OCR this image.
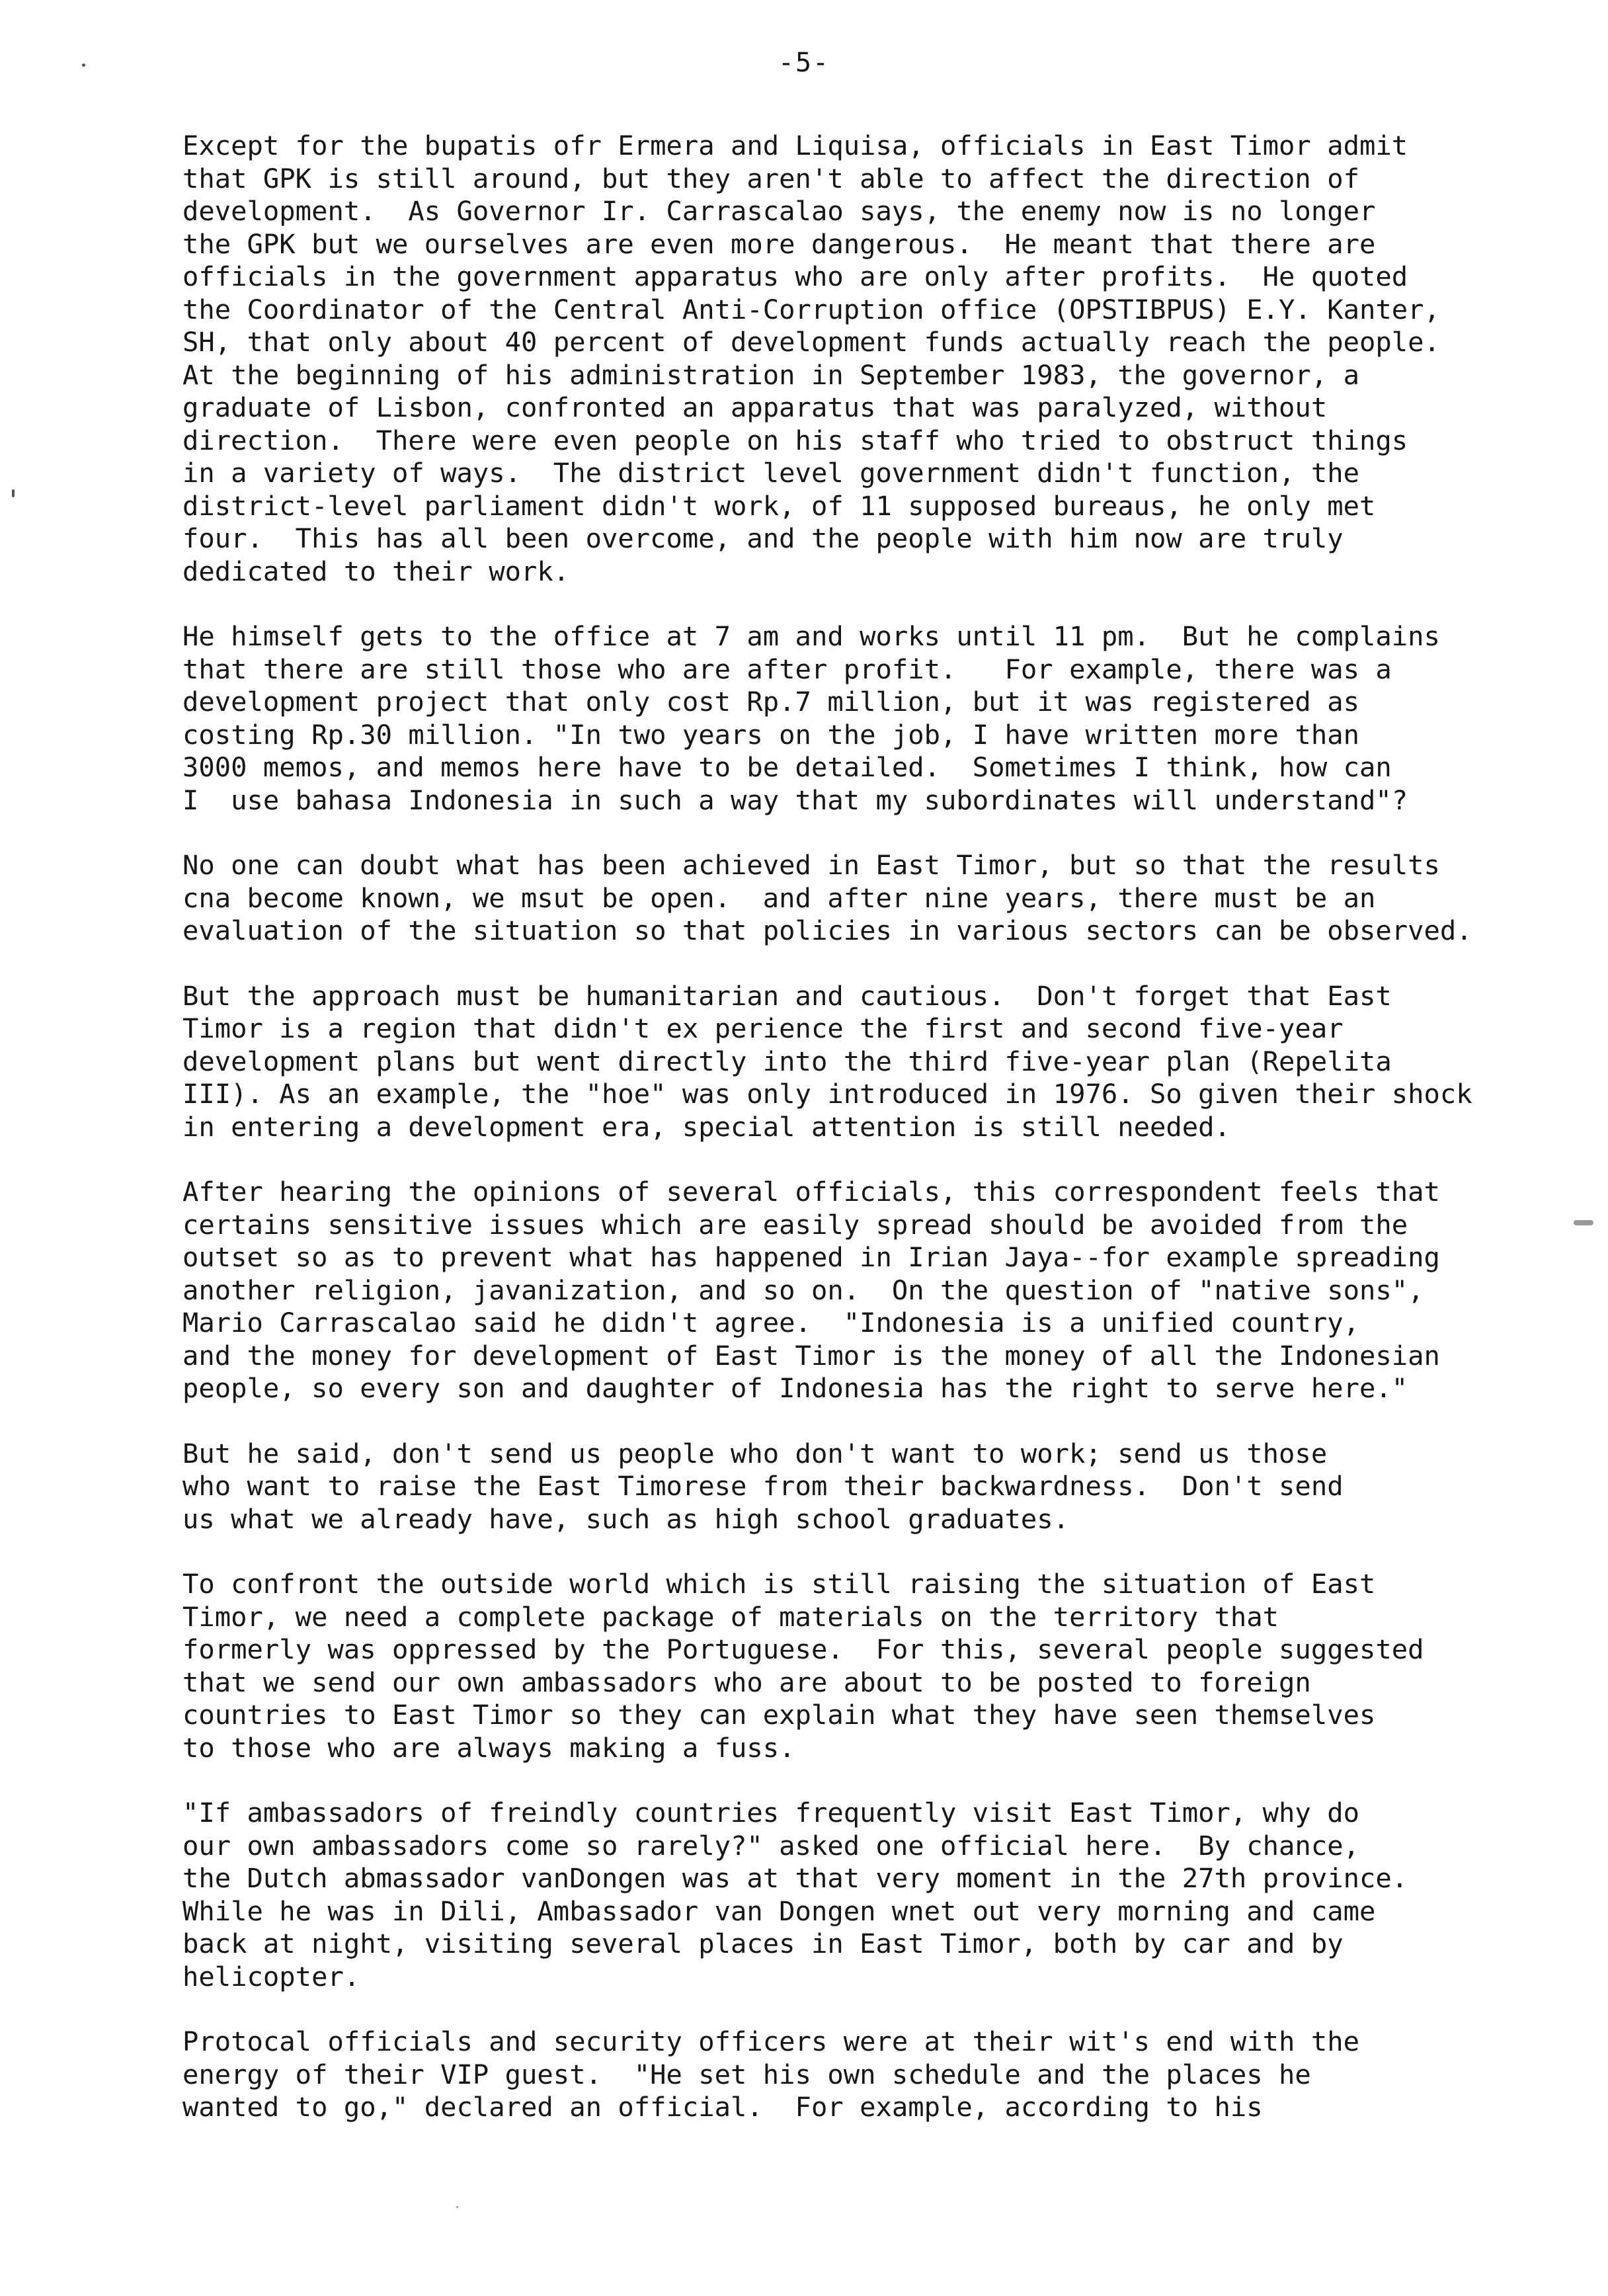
-5-

Except for the bupatis ofr Ermera and Liquisa, officials in East Timor admit
that GPK is still around, but they aren't able to affect the direction of
development.  As Governor Ir. Carrascalao says, the enemy now is no longer
the GPK but we ourselves are even more dangerous.  He meant that there are
officials in the government apparatus who are only after profits.  He quoted
the Coordinator of the Central Anti-Corruption office (OPSTIBPUS) E.Y. Kanter,
SH, that only about 40 percent of development funds actually reach the people.
At the beginning of his administration in September 1983, the governor, a
graduate of Lisbon, confronted an apparatus that was paralyzed, without
direction.  There were even people on his staff who tried to obstruct things
in a variety of ways.  The district level government didn't function, the
district-level parliament didn't work, of 11 supposed bureaus, he only met
four.  This has all been overcome, and the people with him now are truly
dedicated to their work.

He himself gets to the office at 7 am and works until 11 pm.  But he complains
that there are still those who are after profit.   For example, there was a
development project that only cost Rp.7 million, but it was registered as
costing Rp.30 million. "In two years on the job, I have written more than
3000 memos, and memos here have to be detailed.  Sometimes I think, how can
I  use bahasa Indonesia in such a way that my subordinates will understand"?

No one can doubt what has been achieved in East Timor, but so that the results
cna become known, we msut be open.  and after nine years, there must be an
evaluation of the situation so that policies in various sectors can be observed.

But the approach must be humanitarian and cautious.  Don't forget that East
Timor is a region that didn't ex perience the first and second five-year
development plans but went directly into the third five-year plan (Repelita
III). As an example, the "hoe" was only introduced in 1976. So given their shock
in entering a development era, special attention is still needed.

After hearing the opinions of several officials, this correspondent feels that
certains sensitive issues which are easily spread should be avoided from the
outset so as to prevent what has happened in Irian Jaya--for example spreading
another religion, javanization, and so on.  On the question of "native sons",
Mario Carrascalao said he didn't agree.  "Indonesia is a unified country,
and the money for development of East Timor is the money of all the Indonesian
people, so every son and daughter of Indonesia has the right to serve here."

But he said, don't send us people who don't want to work; send us those
who want to raise the East Timorese from their backwardness.  Don't send
us what we already have, such as high school graduates.

To confront the outside world which is still raising the situation of East
Timor, we need a complete package of materials on the territory that
formerly was oppressed by the Portuguese.  For this, several people suggested
that we send our own ambassadors who are about to be posted to foreign
countries to East Timor so they can explain what they have seen themselves
to those who are always making a fuss.

"If ambassadors of freindly countries frequently visit East Timor, why do
our own ambassadors come so rarely?" asked one official here.  By chance,
the Dutch abmassador vanDongen was at that very moment in the 27th province.
While he was in Dili, Ambassador van Dongen wnet out very morning and came
back at night, visiting several places in East Timor, both by car and by
helicopter.

Protocal officials and security officers were at their wit's end with the
energy of their VIP guest.  "He set his own schedule and the places he
wanted to go," declared an official.  For example, according to his
